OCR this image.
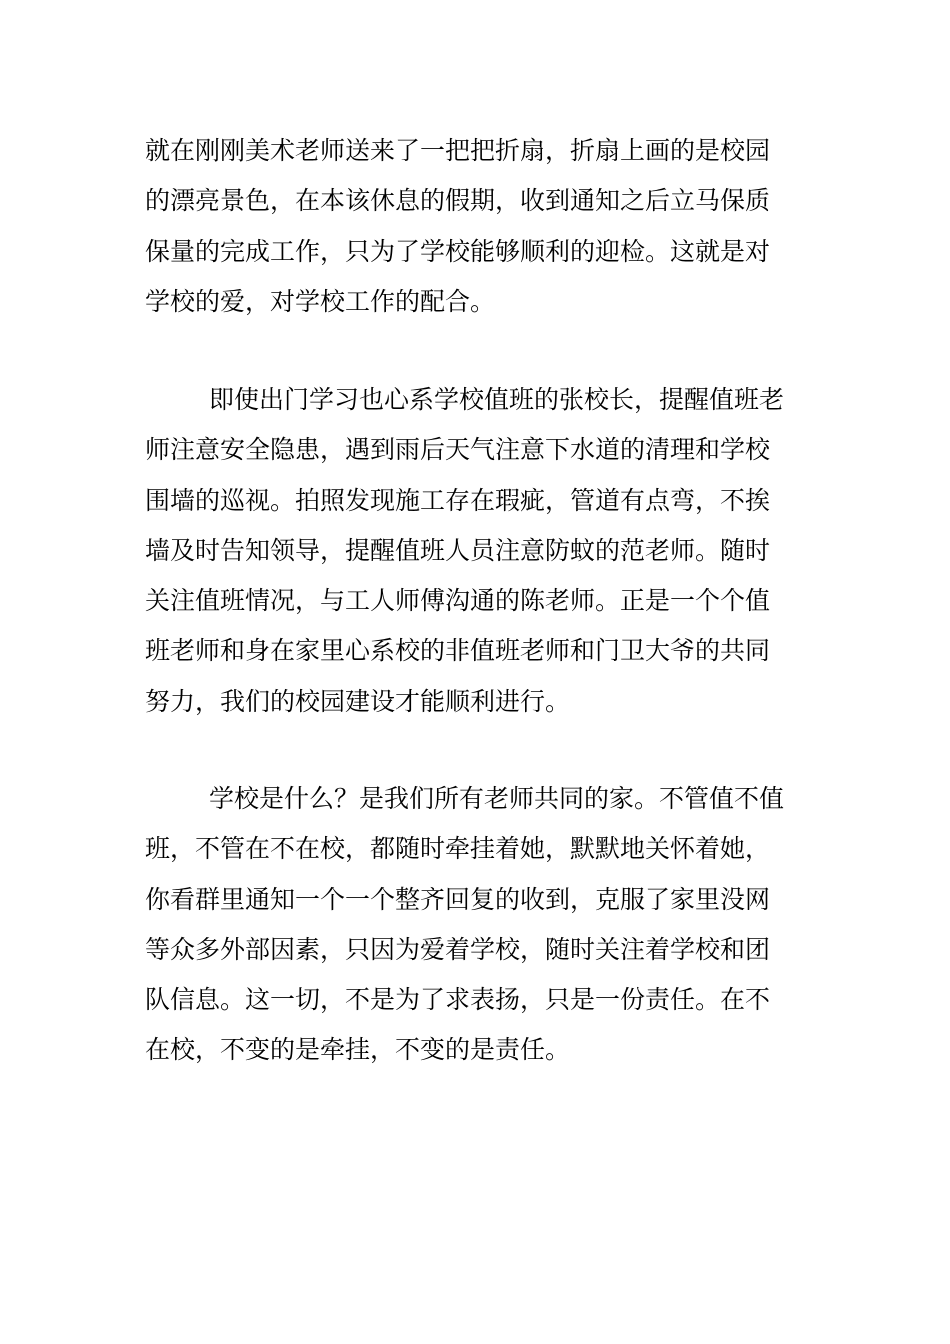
就在刚刚美术老师送来了一把把折扇，折扇上画的是校园
的漂亮景色，在本该休息的假期，收到通知之后立马保质
保量的完成工作，只为了学校能够顺利的迎检。这就是对
学校的爱，对学校工作的配合。

即使出门学习也心系学校值班的张校长，提醒值班老
师注意安全隐患，遇到雨后天气注意下水道的清理和学校
围墙的巡视。拍照发现施工存在瑕疵，管道有点弯，不挨
墙及时告知领导，提醒值班人员注意防蚊的范老师。随时
关注值班情况，与工人师傅沟通的陈老师。正是一个个值
班老师和身在家里心系校的非值班老师和门卫大爷的共同
努力，我们的校园建设才能顺利进行。

学校是什么？是我们所有老师共同的家。不管值不值
班，不管在不在校，都随时牵挂着她，默默地关怀着她，
你看群里通知一个一个整齐回复的收到，克服了家里没网
等众多外部因素，只因为爱着学校，随时关注着学校和团
队信息。这一切，不是为了求表扬，只是一份责任。在不
在校，不变的是牵挂，不变的是责任。
